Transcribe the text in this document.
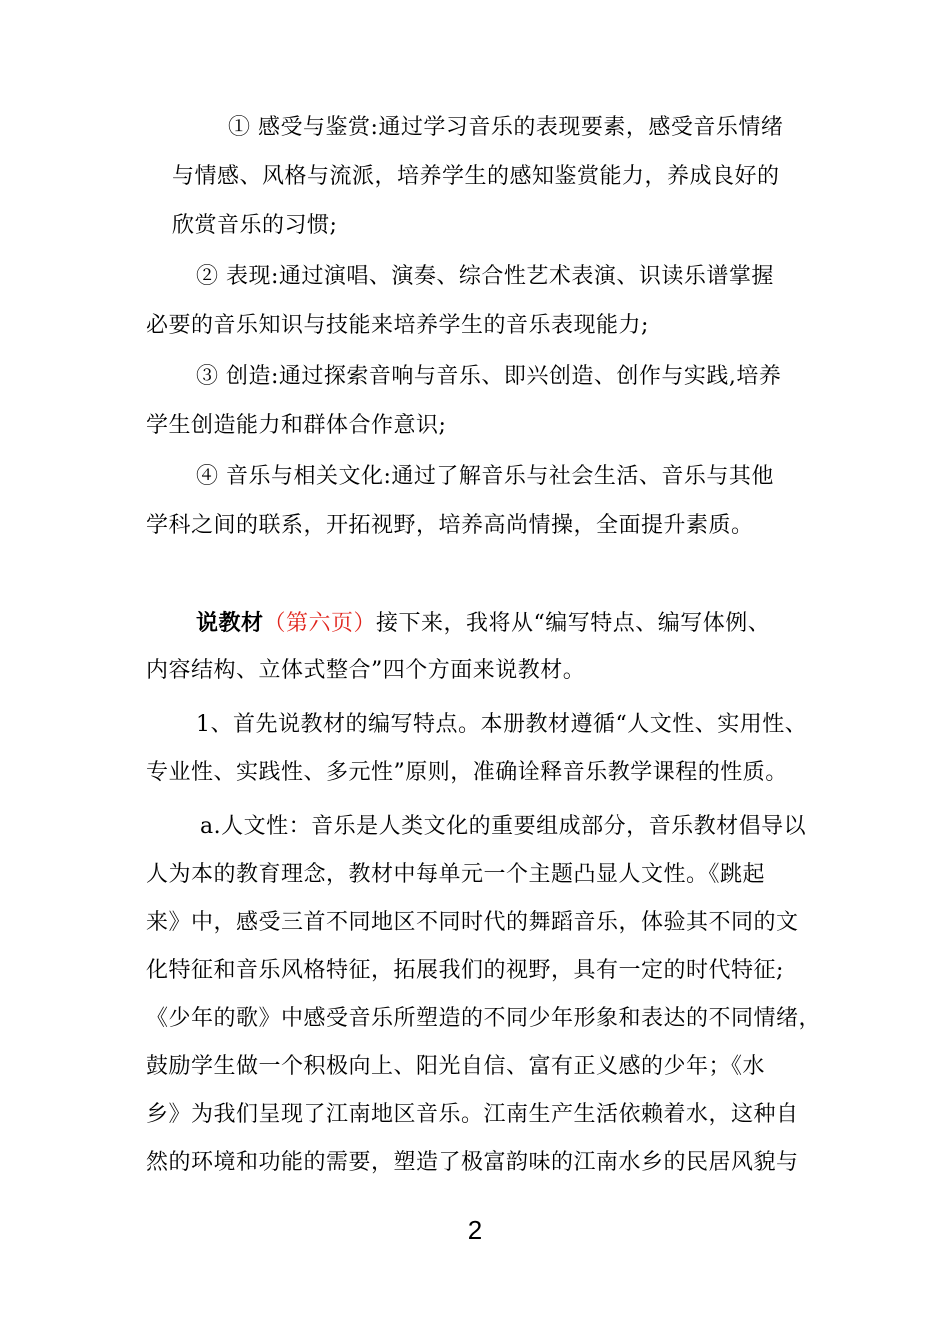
① 感受与鉴赏:通过学习音乐的表现要素，感受音乐情绪
与情感、风格与流派，培养学生的感知鉴赏能力，养成良好的
欣赏音乐的习惯;
② 表现:通过演唱、演奏、综合性艺术表演、识读乐谱掌握
必要的音乐知识与技能来培养学生的音乐表现能力;
③ 创造:通过探索音响与音乐、即兴创造、创作与实践,培养
学生创造能力和群体合作意识;
④ 音乐与相关文化:通过了解音乐与社会生活、音乐与其他
学科之间的联系，开拓视野，培养高尚情操，全面提升素质。
说教材（第六页）接下来，我将从“编写特点、编写体例、
内容结构、立体式整合”四个方面来说教材。
1、首先说教材的编写特点。本册教材遵循“人文性、实用性、
专业性、实践性、多元性”原则，准确诠释音乐教学课程的性质。
a.人文性：音乐是人类文化的重要组成部分，音乐教材倡导以
人为本的教育理念，教材中每单元一个主题凸显人文性。《跳起
来》中，感受三首不同地区不同时代的舞蹈音乐，体验其不同的文
化特征和音乐风格特征，拓展我们的视野，具有一定的时代特征;
《少年的歌》中感受音乐所塑造的不同少年形象和表达的不同情绪，
鼓励学生做一个积极向上、阳光自信、富有正义感的少年；《水
乡》为我们呈现了江南地区音乐。江南生产生活依赖着水，这种自
然的环境和功能的需要，塑造了极富韵味的江南水乡的民居风貌与
2
